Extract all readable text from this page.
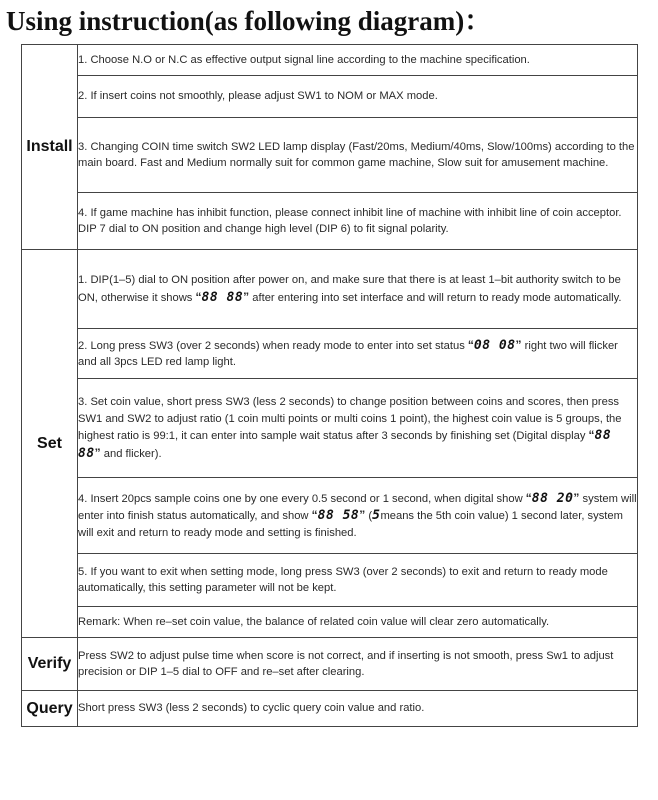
Using instruction(as following diagram)：
Install	1. Choose N.O or N.C as effective output signal line according to the machine specification.
	2. If insert coins not smoothly, please adjust SW1 to NOM or MAX mode.
	3. Changing COIN time switch SW2 LED lamp display (Fast/20ms, Medium/40ms, Slow/100ms) according to the main board. Fast and Medium normally suit for common game machine, Slow suit for amusement machine.
	4. If game machine has inhibit function, please connect inhibit line of machine with inhibit line of coin acceptor. DIP 7 dial to ON position and change high level (DIP 6) to fit signal polarity.
Set	1. DIP(1–5) dial to ON position after power on, and make sure that there is at least 1–bit authority switch to be ON, otherwise it shows “88 88” after entering into set interface and will return to ready mode automatically.
	2. Long press SW3 (over 2 seconds) when ready mode to enter into set status “08 08” right two will flicker and all 3pcs LED red lamp light.
	3. Set coin value, short press SW3 (less 2 seconds) to change position between coins and scores, then press SW1 and SW2 to adjust ratio (1 coin multi points or multi coins 1 point), the highest coin value is 5 groups, the highest ratio is 99:1, it can enter into sample wait status after 3 seconds by finishing set (Digital display “88 88” and flicker).
	4. Insert 20pcs sample coins one by one every 0.5 second or 1 second, when digital show “88 20” system will enter into finish status automatically, and show “88 58” (5means the 5th coin value) 1 second later, system will exit and return to ready mode and setting is finished.
	5. If you want to exit when setting mode, long press SW3 (over 2 seconds) to exit and return to ready mode automatically, this setting parameter will not be kept.
	Remark: When re–set coin value, the balance of related coin value will clear zero automatically.
Verify	Press SW2 to adjust pulse time when score is not correct, and if inserting is not smooth, press Sw1 to adjust precision or DIP 1–5 dial to OFF and re–set after clearing.
Query	Short press SW3 (less 2 seconds) to cyclic query coin value and ratio.
